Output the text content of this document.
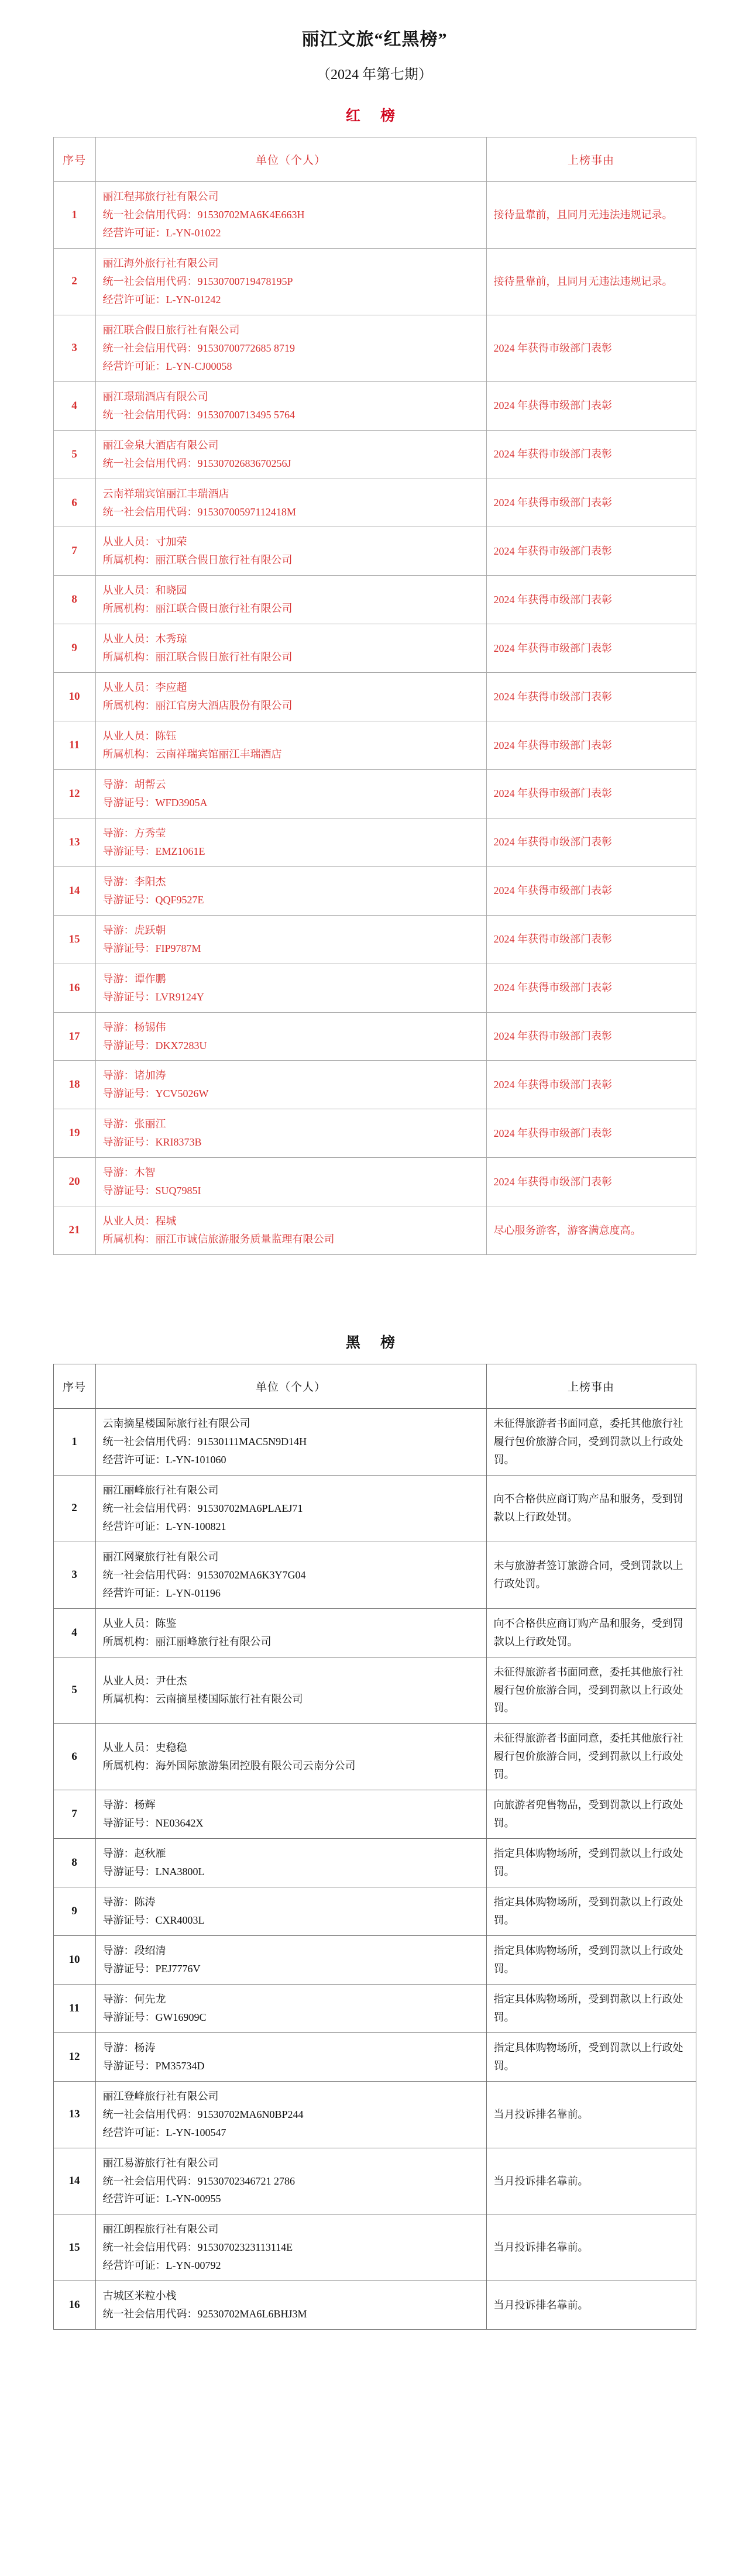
丽江文旅“红黑榜”
（2024 年第七期）
红 榜
序号	单位（个人）	上榜事由
1	丽江程邦旅行社有限公司
统一社会信用代码：91530702MA6K4E663H
经营许可证：L-YN-01022	接待量靠前，且同月无违法违规记录。
2	丽江海外旅行社有限公司
统一社会信用代码：91530700719478195P
经营许可证：L-YN-01242	接待量靠前，且同月无违法违规记录。
3	丽江联合假日旅行社有限公司
统一社会信用代码：91530700772685 8719
经营许可证：L-YN-CJ00058	2024 年获得市级部门表彰
4	丽江璟瑞酒店有限公司
统一社会信用代码：91530700713495 5764	2024 年获得市级部门表彰
5	丽江金泉大酒店有限公司
统一社会信用代码：91530702683670256J	2024 年获得市级部门表彰
6	云南祥瑞宾馆丽江丰瑞酒店
统一社会信用代码：91530700597112418M	2024 年获得市级部门表彰
7	从业人员：寸加荣
所属机构：丽江联合假日旅行社有限公司	2024 年获得市级部门表彰
8	从业人员：和晓园
所属机构：丽江联合假日旅行社有限公司	2024 年获得市级部门表彰
9	从业人员：木秀琼
所属机构：丽江联合假日旅行社有限公司	2024 年获得市级部门表彰
10	从业人员：李应超
所属机构：丽江官房大酒店股份有限公司	2024 年获得市级部门表彰
11	从业人员：陈钰
所属机构：云南祥瑞宾馆丽江丰瑞酒店	2024 年获得市级部门表彰
12	导游：胡帮云
导游证号：WFD3905A	2024 年获得市级部门表彰
13	导游：方秀莹
导游证号：EMZ1061E	2024 年获得市级部门表彰
14	导游：李阳杰
导游证号：QQF9527E	2024 年获得市级部门表彰
15	导游：虎跃朝
导游证号：FIP9787M	2024 年获得市级部门表彰
16	导游：谭作鹏
导游证号：LVR9124Y	2024 年获得市级部门表彰
17	导游：杨锡伟
导游证号：DKX7283U	2024 年获得市级部门表彰
18	导游：诸加涛
导游证号：YCV5026W	2024 年获得市级部门表彰
19	导游：张丽江
导游证号：KRI8373B	2024 年获得市级部门表彰
20	导游：木智
导游证号：SUQ7985I	2024 年获得市级部门表彰
21	从业人员：程城
所属机构：丽江市诚信旅游服务质量监理有限公司	尽心服务游客，游客满意度高。
黑 榜
序号	单位（个人）	上榜事由
1	云南摘星楼国际旅行社有限公司
统一社会信用代码：91530111MAC5N9D14H
经营许可证：L-YN-101060	未征得旅游者书面同意，委托其他旅行社履行包价旅游合同，受到罚款以上行政处罚。
2	丽江丽峰旅行社有限公司
统一社会信用代码：91530702MA6PLAEJ71
经营许可证：L-YN-100821	向不合格供应商订购产品和服务，受到罚款以上行政处罚。
3	丽江网聚旅行社有限公司
统一社会信用代码：91530702MA6K3Y7G04
经营许可证：L-YN-01196	未与旅游者签订旅游合同，受到罚款以上行政处罚。
4	从业人员：陈鉴
所属机构：丽江丽峰旅行社有限公司	向不合格供应商订购产品和服务，受到罚款以上行政处罚。
5	从业人员：尹仕杰
所属机构：云南摘星楼国际旅行社有限公司	未征得旅游者书面同意，委托其他旅行社履行包价旅游合同，受到罚款以上行政处罚。
6	从业人员：史稳稳
所属机构：海外国际旅游集团控股有限公司云南分公司	未征得旅游者书面同意，委托其他旅行社履行包价旅游合同，受到罚款以上行政处罚。
7	导游：杨辉
导游证号：NE03642X	向旅游者兜售物品，受到罚款以上行政处罚。
8	导游：赵秋雁
导游证号：LNA3800L	指定具体购物场所，受到罚款以上行政处罚。
9	导游：陈涛
导游证号：CXR4003L	指定具体购物场所，受到罚款以上行政处罚。
10	导游：段绍清
导游证号：PEJ7776V	指定具体购物场所，受到罚款以上行政处罚。
11	导游：何先龙
导游证号：GW16909C	指定具体购物场所，受到罚款以上行政处罚。
12	导游：杨涛
导游证号：PM35734D	指定具体购物场所，受到罚款以上行政处罚。
13	丽江登峰旅行社有限公司
统一社会信用代码：91530702MA6N0BP244
经营许可证：L-YN-100547	当月投诉排名靠前。
14	丽江易游旅行社有限公司
统一社会信用代码：91530702346721 2786
经营许可证：L-YN-00955	当月投诉排名靠前。
15	丽江朗程旅行社有限公司
统一社会信用代码：91530702323113114E
经营许可证：L-YN-00792	当月投诉排名靠前。
16	古城区米粒小栈
统一社会信用代码：92530702MA6L6BHJ3M	当月投诉排名靠前。
